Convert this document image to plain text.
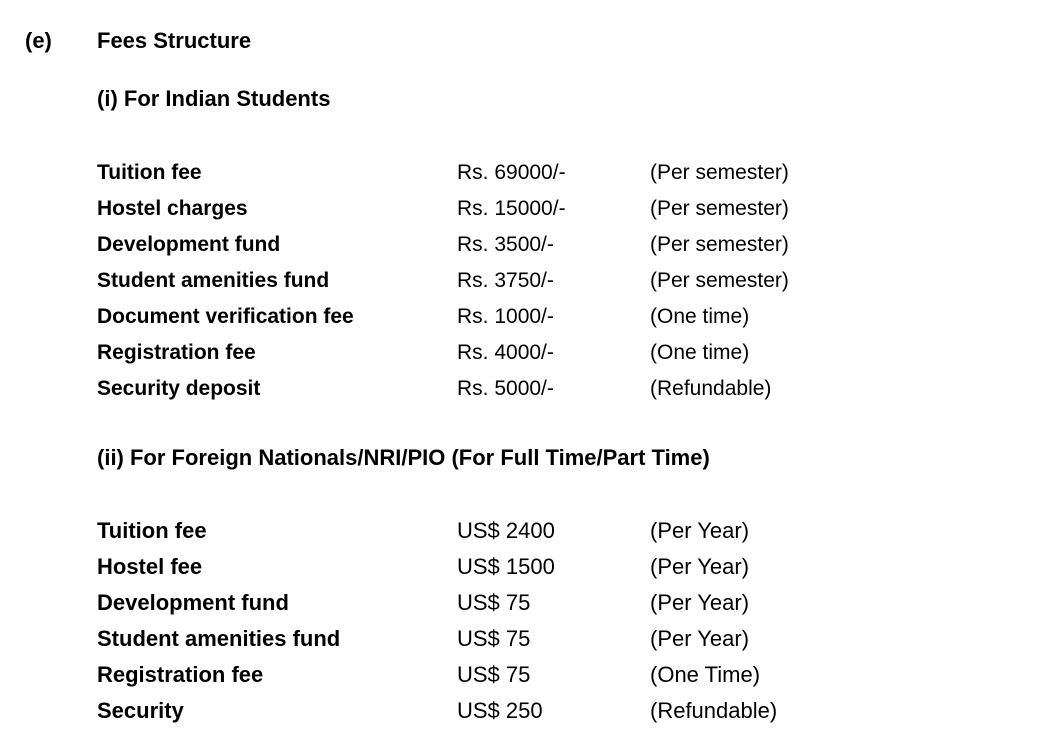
(e) Fees Structure
(i) For Indian Students
Tuition fee	Rs. 69000/-	(Per semester)
Hostel charges	Rs. 15000/-	(Per semester)
Development fund	Rs. 3500/-	(Per semester)
Student amenities fund	Rs. 3750/-	(Per semester)
Document verification fee	Rs. 1000/-	(One time)
Registration fee	Rs. 4000/-	(One time)
Security deposit	Rs. 5000/-	(Refundable)
(ii) For Foreign Nationals/NRI/PIO (For Full Time/Part Time)
Tuition fee	US$ 2400	(Per Year)
Hostel fee	US$ 1500	(Per Year)
Development fund	US$ 75	(Per Year)
Student amenities fund	US$ 75	(Per Year)
Registration fee	US$ 75	(One Time)
Security	US$ 250	(Refundable)
